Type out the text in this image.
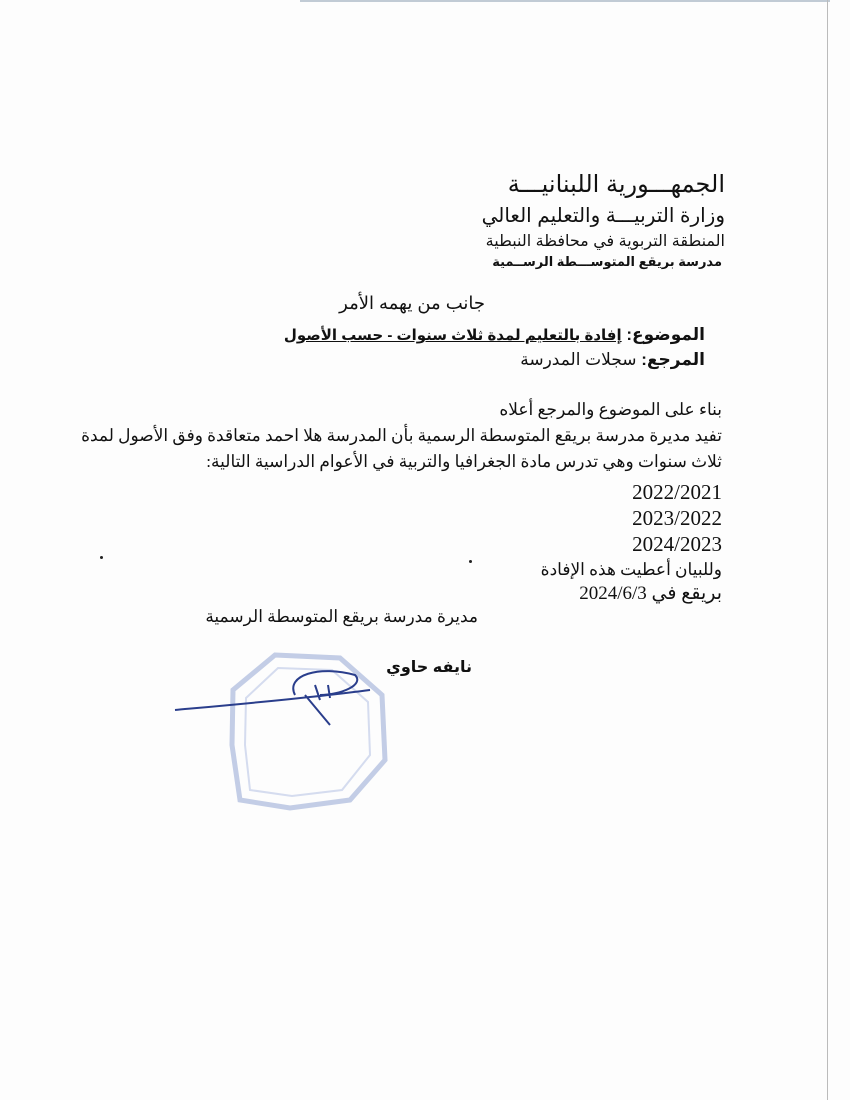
الجمهـــورية اللبنانيـــة
وزارة التربيـــة والتعليم العالي
المنطقة التربوية في محافظة النبطية
مدرسة بريقع المتوســـطة الرســمية
جانب من يهمه الأمر
الموضوع: إفادة بالتعليم لمدة ثلاث سنوات - حسب الأصول
المرجع: سجلات المدرسة
بناء على الموضوع والمرجع أعلاه
تفيد مديرة مدرسة بريقع المتوسطة الرسمية بأن المدرسة هلا احمد متعاقدة وفق الأصول لمدة
ثلاث سنوات وهي تدرس مادة الجغرافيا والتربية في الأعوام الدراسية التالية:
2022/2021
2023/2022
2024/2023
وللبيان أعطيت هذه الإفادة
بريقع في 2024/6/3
مديرة مدرسة بريقع المتوسطة الرسمية
نايفه حاوي
